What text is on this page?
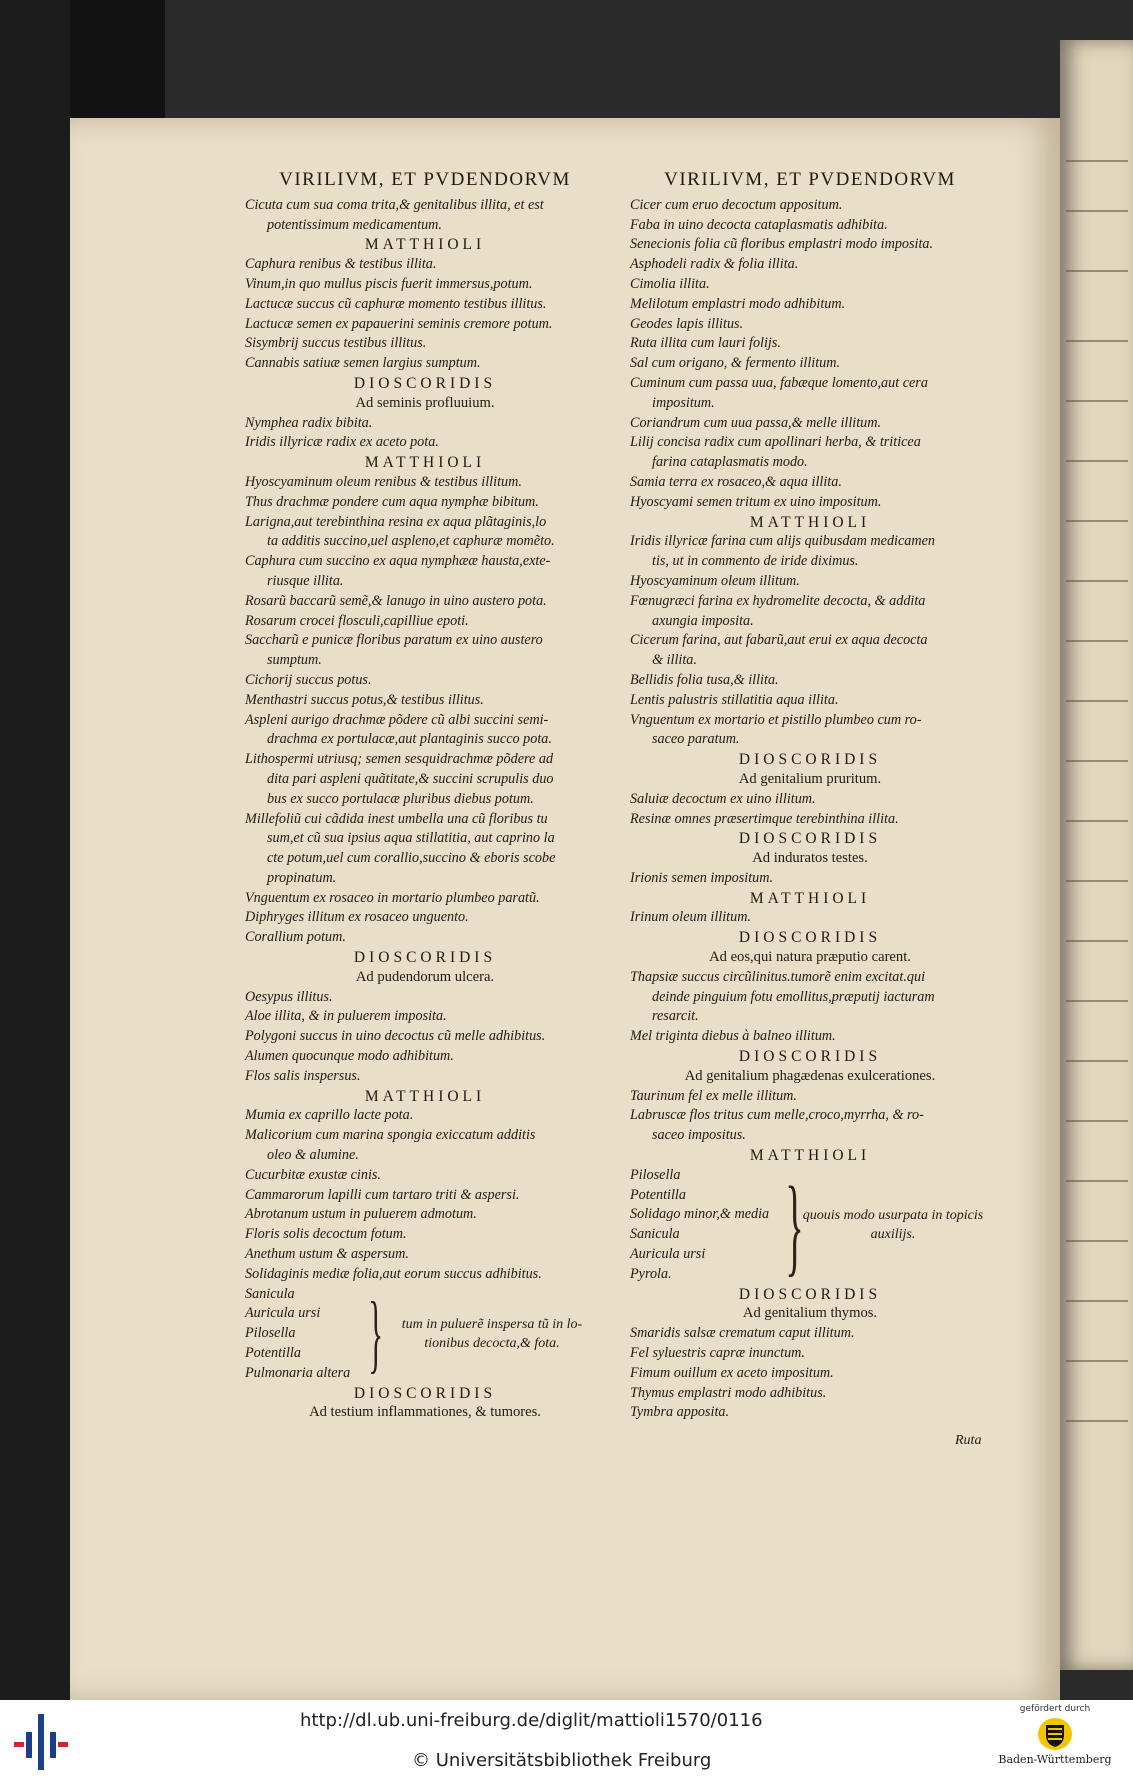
VIRILIVM, ET PVDENDORVM
Cicuta cum sua coma trita,& genitalibus illita, et est
potentissimum medicamentum.
MATTHIOLI
Caphura renibus & testibus illita.
Vinum,in quo mullus piscis fuerit immersus,potum.
Lactucæ succus cũ caphuræ momento testibus illitus.
Lactucæ semen ex papauerini seminis cremore potum.
Sisymbrij succus testibus illitus.
Cannabis satiuæ semen largius sumptum.
DIOSCORIDIS
Ad seminis profluuium.
Nymphea radix bibita.
Iridis illyricæ radix ex aceto pota.
MATTHIOLI
Hyoscyaminum oleum renibus & testibus illitum.
Thus drachmæ pondere cum aqua nymphæ bibitum.
Larigna,aut terebinthina resina ex aqua plãtaginis,lo
ta additis succino,uel aspleno,et caphuræ momẽto.
Caphura cum succino ex aqua nymphææ hausta,exte-
riusque illita.
Rosarũ baccarũ semẽ,& lanugo in uino austero pota.
Rosarum crocei flosculi,capilliue epoti.
Saccharũ e punicæ floribus paratum ex uino austero
sumptum.
Cichorij succus potus.
Menthastri succus potus,& testibus illitus.
Aspleni aurigo drachmæ põdere cũ albi succini semi-
drachma ex portulacæ,aut plantaginis succo pota.
Lithospermi utriusq; semen sesquidrachmæ põdere ad
dita pari aspleni quãtitate,& succini scrupulis duo
bus ex succo portulacæ pluribus diebus potum.
Millefoliũ cui cãdida inest umbella una cũ floribus tu
sum,et cũ sua ipsius aqua stillatitia, aut caprino la
cte potum,uel cum corallio,succino & eboris scobe
propinatum.
Vnguentum ex rosaceo in mortario plumbeo paratũ.
Diphryges illitum ex rosaceo unguento.
Corallium potum.
DIOSCORIDIS
Ad pudendorum ulcera.
Oesypus illitus.
Aloe illita, & in puluerem imposita.
Polygoni succus in uino decoctus cũ melle adhibitus.
Alumen quocunque modo adhibitum.
Flos salis inspersus.
MATTHIOLI
Mumia ex caprillo lacte pota.
Malicorium cum marina spongia exiccatum additis
oleo & alumine.
Cucurbitæ exustæ cinis.
Cammarorum lapilli cum tartaro triti & aspersi.
Abrotanum ustum in puluerem admotum.
Floris solis decoctum fotum.
Anethum ustum & aspersum.
Solidaginis mediæ folia,aut eorum succus adhibitus.
Sanicula
Auricula ursi
Pilosella
Potentilla
Pulmonaria altera }	tum in puluerẽ inspersa tũ in lo- tionibus decocta,& fota.
DIOSCORIDIS
Ad testium inflammationes, & tumores.
VIRILIVM, ET PVDENDORVM
Cicer cum eruo decoctum appositum.
Faba in uino decocta cataplasmatis adhibita.
Senecionis folia cũ floribus emplastri modo imposita.
Asphodeli radix & folia illita.
Cimolia illita.
Melilotum emplastri modo adhibitum.
Geodes lapis illitus.
Ruta illita cum lauri folijs.
Sal cum origano, & fermento illitum.
Cuminum cum passa uua, fabæque lomento,aut cera
impositum.
Coriandrum cum uua passa,& melle illitum.
Lilij concisa radix cum apollinari herba, & triticea
farina cataplasmatis modo.
Samia terra ex rosaceo,& aqua illita.
Hyoscyami semen tritum ex uino impositum.
MATTHIOLI
Iridis illyricæ farina cum alijs quibusdam medicamen
tis, ut in commento de iride diximus.
Hyoscyaminum oleum illitum.
Fœnugræci farina ex hydromelite decocta, & addita
axungia imposita.
Cicerum farina, aut fabarũ,aut erui ex aqua decocta
& illita.
Bellidis folia tusa,& illita.
Lentis palustris stillatitia aqua illita.
Vnguentum ex mortario et pistillo plumbeo cum ro-
saceo paratum.
DIOSCORIDIS
Ad genitalium pruritum.
Saluiæ decoctum ex uino illitum.
Resinæ omnes præsertimque terebinthina illita.
DIOSCORIDIS
Ad induratos testes.
Irionis semen impositum.
MATTHIOLI
Irinum oleum illitum.
DIOSCORIDIS
Ad eos,qui natura præputio carent.
Thapsiæ succus circũlinitus.tumorẽ enim excitat.qui
deinde pinguium fotu emollitus,præputij iacturam
resarcit.
Mel triginta diebus à balneo illitum.
DIOSCORIDIS
Ad genitalium phagædenas exulcerationes.
Taurinum fel ex melle illitum.
Labruscæ flos tritus cum melle,croco,myrrha, & ro-
saceo impositus.
MATTHIOLI
Pilosella
Potentilla
Solidago minor,& media
Sanicula
Auricula ursi
Pyrola.	} quouis modo usurpata in topicis auxilijs.
DIOSCORIDIS
Ad genitalium thymos.
Smaridis salsæ crematum caput illitum.
Fel syluestris capræ inunctum.
Fimum ouillum ex aceto impositum.
Thymus emplastri modo adhibitus.
Tymbra apposita.
Ruta
http://dl.ub.uni-freiburg.de/diglit/mattioli1570/0116
© Universitätsbibliothek Freiburg
gefördert durch
Baden-Württemberg
